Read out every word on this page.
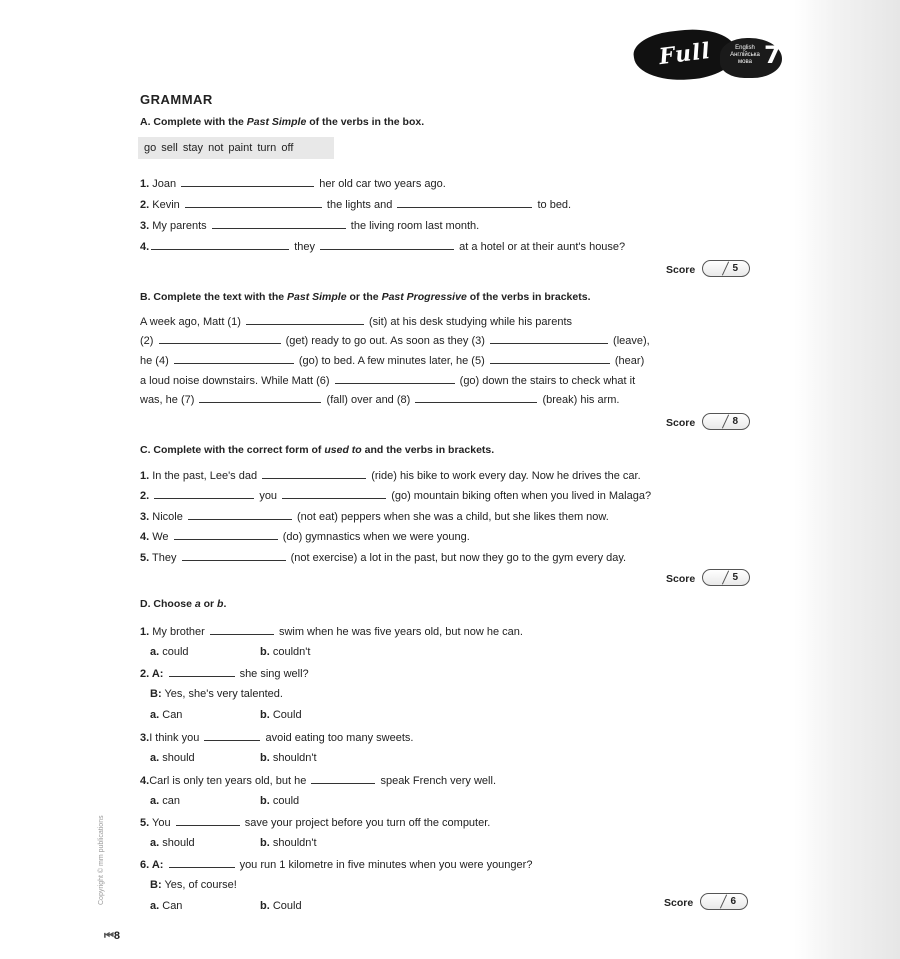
Full Blast!
English
Англійська мова 7
GRAMMAR
A. Complete with the Past Simple of the verbs in the box.
go sell stay not paint turn off
1. Joan	her old car two years ago.
2. Kevin	the lights and	to bed.
3. My parents	the living room last month.
4.	they	at a hotel or at their aunt's house?
Score	5
B. Complete the text with the Past Simple or the Past Progressive of the verbs in brackets.
A week ago, Matt (1)	(sit) at his desk studying while his parents
(2)	(get) ready to go out. As soon as they (3)	(leave),
he (4)	(go) to bed. A few minutes later, he (5)	(hear)
a loud noise downstairs. While Matt (6)	(go) down the stairs to check what it
was, he (7)	(fall) over and (8)	(break) his arm.
Score	8
C. Complete with the correct form of used to and the verbs in brackets.
1. In the past, Lee's dad	(ride) his bike to work every day. Now he drives the car.
2.	you	(go) mountain biking often when you lived in Malaga?
3. Nicole	(not eat) peppers when she was a child, but she likes them now.
4. We	(do) gymnastics when we were young.
5. They	(not exercise) a lot in the past, but now they go to the gym every day.
Score	5
D. Choose a or b.
1. My brother	swim when he was five years old, but now he can.
a. could	b. couldn't
2. A:	she sing well?
B: Yes, she's very talented.
a. Can	b. Could
3.I think you	avoid eating too many sweets.
a. should	b. shouldn't
4.Carl is only ten years old, but he	speak French very well.
a. can	b. could
5. You	save your project before you turn off the computer.
a. should	b. shouldn't
6. A:	you run 1 kilometre in five minutes when you were younger?
B: Yes, of course!
a. Can	b. Could	Score	6
Copyright © mm publications
⏮8
